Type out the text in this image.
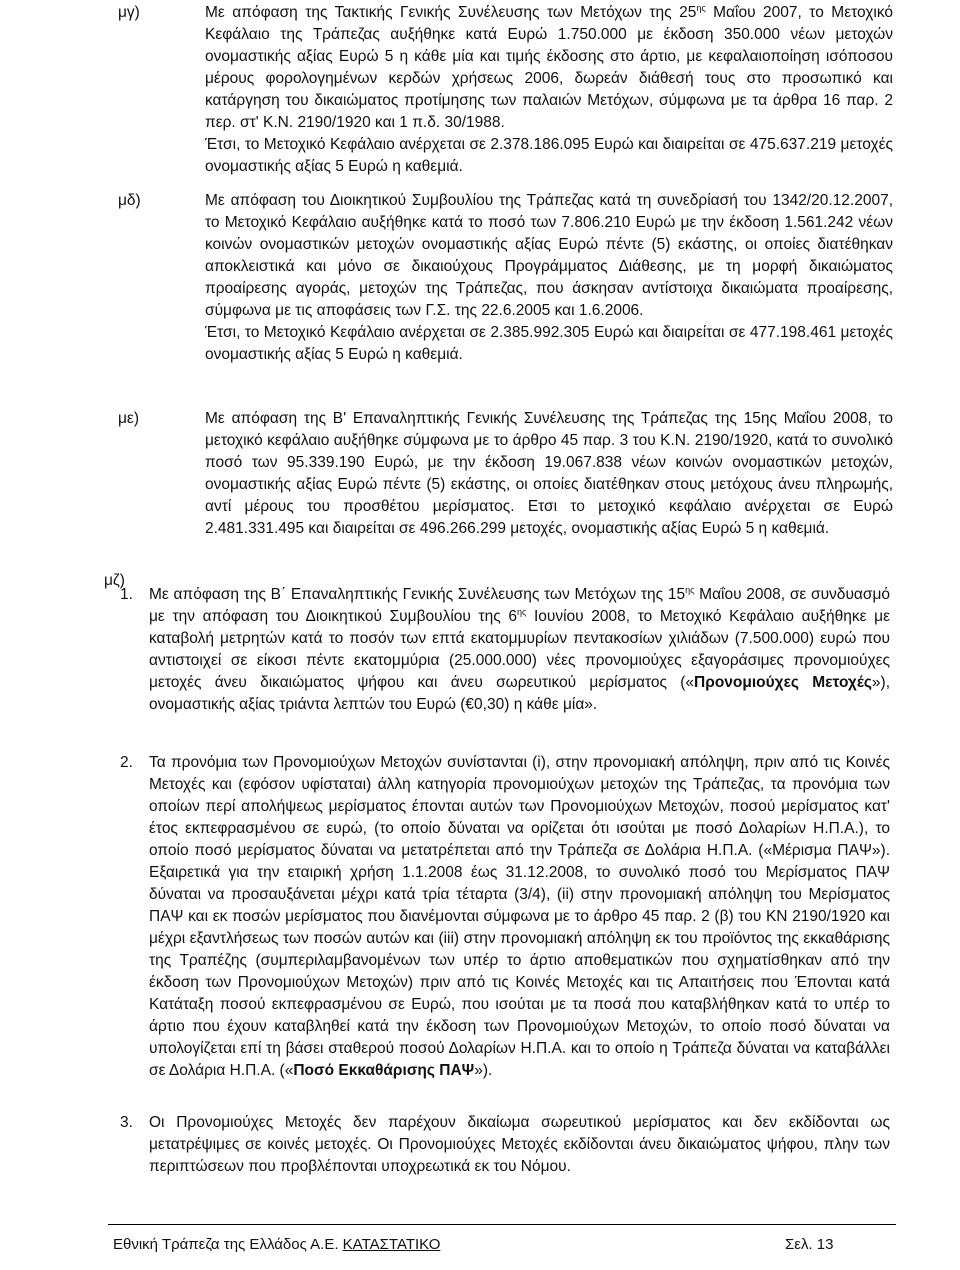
μγ)	Με απόφαση της Τακτικής Γενικής Συνέλευσης των Μετόχων της $25^{\eta\varsigma}$ Μαΐου 2007, το Μετοχικό Κεφάλαιο της Τράπεζας αυξήθηκε κατά Ευρώ 1.750.000 με έκδοση 350.000 νέων μετοχών ονομαστικής αξίας Ευρώ 5 η κάθε μία και τιμής έκδοσης στο άρτιο, με κεφαλαιοποίηση ισόποσου μέρους φορολογημένων κερδών χρήσεως 2006, δωρεάν διάθεσή τους στο προσωπικό και κατάργηση του δικαιώματος προτίμησης των παλαιών Μετόχων, σύμφωνα με τα άρθρα 16 παρ. 2 περ. στ' Κ.Ν. 2190/1920 και 1 π.δ. 30/1988.

Έτσι, το Μετοχικό Κεφάλαιο ανέρχεται σε 2.378.186.095 Ευρώ και διαιρείται σε 475.637.219 μετοχές ονομαστικής αξίας 5 Ευρώ η καθεμιά.

μδ)	Με απόφαση του Διοικητικού Συμβουλίου της Τράπεζας κατά τη συνεδρίασή του 1342/20.12.2007, το Μετοχικό Κεφάλαιο αυξήθηκε κατά το ποσό των 7.806.210 Ευρώ με την έκδοση 1.561.242 νέων κοινών ονομαστικών μετοχών ονομαστικής αξίας Ευρώ πέντε (5) εκάστης, οι οποίες διατέθηκαν αποκλειστικά και μόνο σε δικαιούχους Προγράμματος Διάθεσης, με τη μορφή δικαιώματος προαίρεσης αγοράς, μετοχών της Τράπεζας, που άσκησαν αντίστοιχα δικαιώματα προαίρεσης, σύμφωνα με τις αποφάσεις των Γ.Σ. της 22.6.2005 και 1.6.2006.

Έτσι, το Μετοχικό Κεφάλαιο ανέρχεται σε 2.385.992.305 Ευρώ και διαιρείται σε 477.198.461 μετοχές ονομαστικής αξίας 5 Ευρώ η καθεμιά.

με)	Με απόφαση της Β' Επαναληπτικής Γενικής Συνέλευσης της Τράπεζας της 15ης Μαΐου 2008, το μετοχικό κεφάλαιο αυξήθηκε σύμφωνα με το άρθρο 45 παρ. 3 του Κ.Ν. 2190/1920, κατά το συνολικό ποσό των 95.339.190 Ευρώ, με την έκδοση 19.067.838 νέων κοινών ονομαστικών μετοχών, ονομαστικής αξίας Ευρώ πέντε (5) εκάστης, οι οποίες διατέθηκαν στους μετόχους άνευ πληρωμής, αντί μέρους του προσθέτου μερίσματος. Ετσι το μετοχικό κεφάλαιο ανέρχεται σε Ευρώ 2.481.331.495 και διαιρείται σε 496.266.299 μετοχές, ονομαστικής αξίας Ευρώ 5 η καθεμιά.

μζ)
1. Με απόφαση της Β΄ Επαναληπτικής Γενικής Συνέλευσης των Μετόχων της $15^{\eta\varsigma}$ Μαΐου 2008, σε συνδυασμό με την απόφαση του Διοικητικού Συμβουλίου της $6^{\eta\varsigma}$ Ιουνίου 2008, το Μετοχικό Κεφάλαιο αυξήθηκε με καταβολή μετρητών κατά το ποσόν των επτά εκατομμυρίων πεντακοσίων χιλιάδων (7.500.000) ευρώ που αντιστοιχεί σε είκοσι πέντε εκατομμύρια (25.000.000) νέες προνομιούχες εξαγοράσιμες προνομιούχες μετοχές άνευ δικαιώματος ψήφου και άνευ σωρευτικού μερίσματος («Προνομιούχες Μετοχές»), ονομαστικής αξίας τριάντα λεπτών του Ευρώ (€0,30) η κάθε μία».

2. Τα προνόμια των Προνομιούχων Μετοχών συνίστανται (i), στην προνομιακή απόληψη, πριν από τις Κοινές Μετοχές και (εφόσον υφίσταται) άλλη κατηγορία προνομιούχων μετοχών της Τράπεζας, τα προνόμια των οποίων περί απολήψεως μερίσματος έπονται αυτών των Προνομιούχων Μετοχών, ποσού μερίσματος κατ' έτος εκπεφρασμένου σε ευρώ, (το οποίο δύναται να ορίζεται ότι ισούται με ποσό Δολαρίων Η.Π.Α.), το οποίο ποσό μερίσματος δύναται να μετατρέπεται από την Τράπεζα σε Δολάρια Η.Π.Α. («Μέρισμα ΠΑΨ»). Εξαιρετικά για την εταιρική χρήση 1.1.2008 έως 31.12.2008, το συνολικό ποσό του Μερίσματος ΠΑΨ δύναται να προσαυξάνεται μέχρι κατά τρία τέταρτα (3/4), (ii) στην προνομιακή απόληψη του Μερίσματος ΠΑΨ και εκ ποσών μερίσματος που διανέμονται σύμφωνα με το άρθρο 45 παρ. 2 (β) του ΚΝ 2190/1920 και μέχρι εξαντλήσεως των ποσών αυτών και (iii) στην προνομιακή απόληψη εκ του προϊόντος της εκκαθάρισης της Τραπέζης (συμπεριλαμβανομένων των υπέρ το άρτιο αποθεματικών που σχηματίσθηκαν από την έκδοση των Προνομιούχων Μετοχών) πριν από τις Κοινές Μετοχές και τις Απαιτήσεις που Έπονται κατά Κατάταξη ποσού εκπεφρασμένου σε Ευρώ, που ισούται με τα ποσά που καταβλήθηκαν κατά το υπέρ το άρτιο που έχουν καταβληθεί κατά την έκδοση των Προνομιούχων Μετοχών, το οποίο ποσό δύναται να υπολογίζεται επί τη βάσει σταθερού ποσού Δολαρίων Η.Π.Α. και το οποίο η Τράπεζα δύναται να καταβάλλει σε Δολάρια Η.Π.Α. («Ποσό Εκκαθάρισης ΠΑΨ»).

3. Οι Προνομιούχες Μετοχές δεν παρέχουν δικαίωμα σωρευτικού μερίσματος και δεν εκδίδονται ως μετατρέψιμες σε κοινές μετοχές. Οι Προνομιούχες Μετοχές εκδίδονται άνευ δικαιώματος ψήφου, πλην των περιπτώσεων που προβλέπονται υποχρεωτικά εκ του Νόμου.

Εθνική Τράπεζα της Ελλάδος Α.Ε. ΚΑΤΑΣΤΑΤΙΚΟ	Σελ. 13
